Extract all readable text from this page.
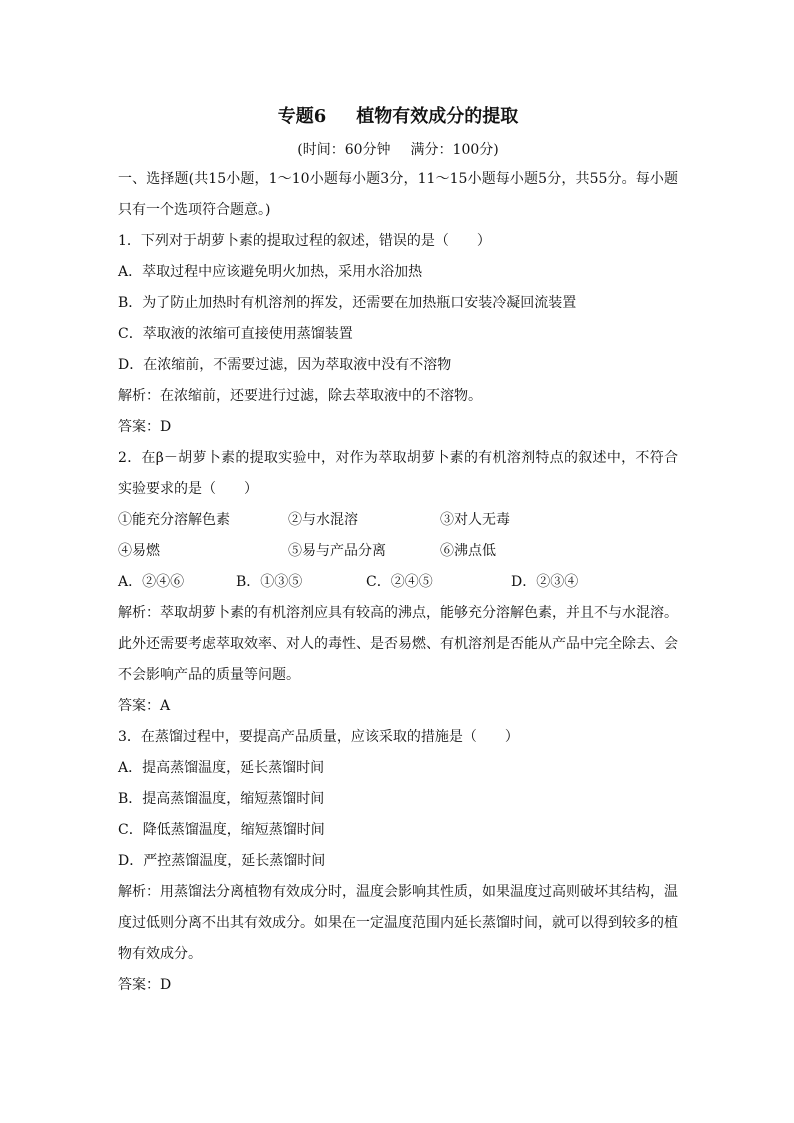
专题6 植物有效成分的提取
(时间：60分钟 满分：100分)
一、选择题(共15小题，1～10小题每小题3分，11～15小题每小题5分，共55分。每小题只有一个选项符合题意。)
1．下列对于胡萝卜素的提取过程的叙述，错误的是（　　）
A．萃取过程中应该避免明火加热，采用水浴加热
B．为了防止加热时有机溶剂的挥发，还需要在加热瓶口安装冷凝回流装置
C．萃取液的浓缩可直接使用蒸馏装置
D．在浓缩前，不需要过滤，因为萃取液中没有不溶物
解析：在浓缩前，还要进行过滤，除去萃取液中的不溶物。
答案：D
2．在β－胡萝卜素的提取实验中，对作为萃取胡萝卜素的有机溶剂特点的叙述中，不符合实验要求的是（　　）
①能充分溶解色素	②与水混溶	③对人无毒
④易燃	⑤易与产品分离	⑥沸点低
A．②④⑥	B．①③⑤	C．②④⑤	D．②③④
解析：萃取胡萝卜素的有机溶剂应具有较高的沸点，能够充分溶解色素，并且不与水混溶。此外还需要考虑萃取效率、对人的毒性、是否易燃、有机溶剂是否能从产品中完全除去、会不会影响产品的质量等问题。
答案：A
3．在蒸馏过程中，要提高产品质量，应该采取的措施是（　　）
A．提高蒸馏温度，延长蒸馏时间
B．提高蒸馏温度，缩短蒸馏时间
C．降低蒸馏温度，缩短蒸馏时间
D．严控蒸馏温度，延长蒸馏时间
解析：用蒸馏法分离植物有效成分时，温度会影响其性质，如果温度过高则破坏其结构，温度过低则分离不出其有效成分。如果在一定温度范围内延长蒸馏时间，就可以得到较多的植物有效成分。
答案：D
